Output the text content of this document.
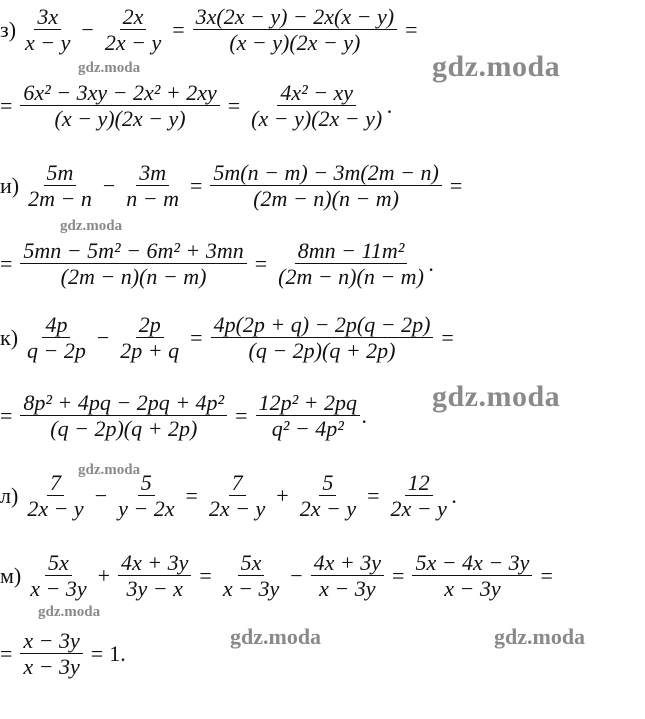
$з) \frac{3x}{x - y} - \frac{2x}{2x - y} = \frac{3x(2x - y) - 2x(x - y)}{(x - y)(2x - y)}$ =
= $\frac{\text{6x² − 3xy − 2x² + 2xy}}{(x - y)(2x - y)} = \frac{\text{4x² − xy}}{(x - y)(2x - y)}$ .
$и) \frac{5m}{2m - n} - \frac{3m}{n - m} = \frac{5m(n - m) - 3m(2m - n)}{(2m - n)(n - m)}$ =
= $\frac{\text{5mn − 5m² − 6m² + 3mn}}{(2m - n)(n - m)} = \frac{\text{8mn − 11m²}}{(2m - n)(n - m)}$ .
$к) \frac{4p}{q - 2p} - \frac{2p}{2p + q} = \frac{4p(2p + q) - 2p(q - 2p)}{(q - 2p)(q + 2p)}$ =
= $\frac{\text{8p² + 4pq − 2pq + 4p²}}{(q - 2p)(q + 2p)} = \frac{\text{12p² + 2pq}}{\text{q² − 4p²}}$ .
$л) \frac{7}{2x - y} - \frac{5}{y - 2x} = \frac{7}{2x - y} + \frac{5}{2x - y} = \frac{12}{2x - y}$ .
$м) \frac{5x}{x - 3y} + \frac{4x + 3y}{3y - x} = \frac{5x}{x - 3y} - \frac{4x + 3y}{x - 3y} = \frac{5x - 4x - 3y}{x - 3y}$ =
= $\frac{x - 3y}{x - 3y} = 1$.
gdz.moda
gdz.moda
gdz.moda
gdz.moda
gdz.moda
gdz.moda
gdz.moda	gdz.moda
